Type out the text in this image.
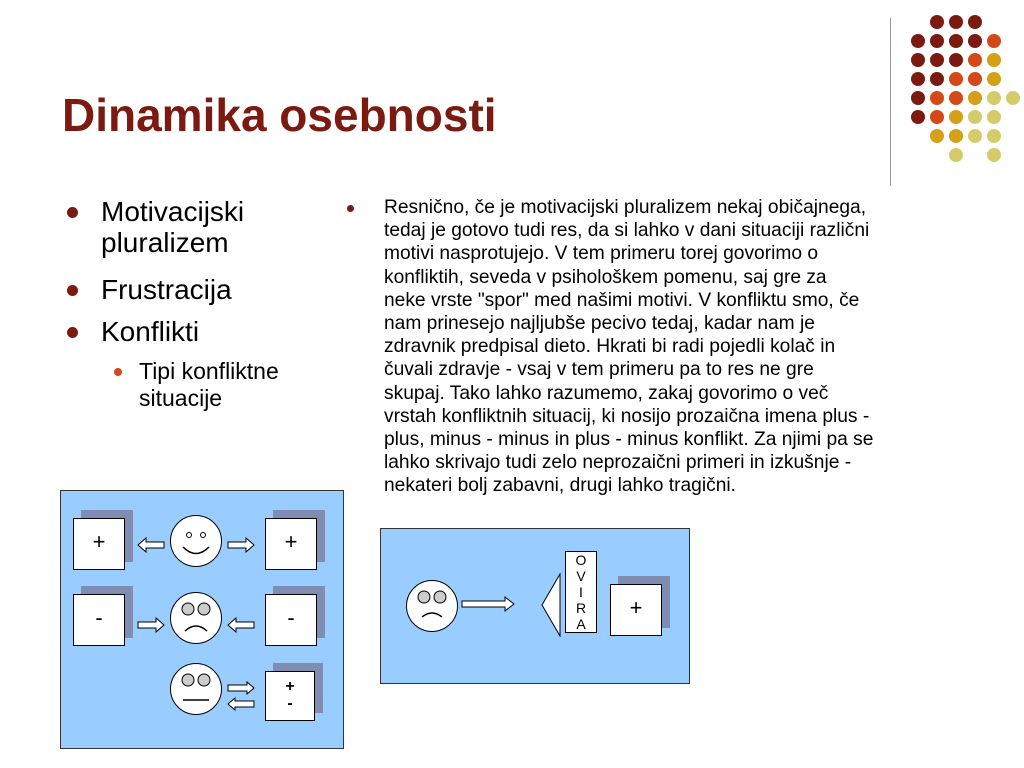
Dinamika osebnosti
Motivacijski pluralizem
Frustracija
Konflikti
Tipi konfliktne situacije
Resnično, če je motivacijski pluralizem nekaj običajnega,
tedaj je gotovo tudi res, da si lahko v dani situaciji različni
motivi nasprotujejo. V tem primeru torej govorimo o
konfliktih, seveda v psihološkem pomenu, saj gre za
neke vrste "spor" med našimi motivi. V konfliktu smo, če
nam prinesejo najljubše pecivo tedaj, kadar nam je
zdravnik predpisal dieto. Hkrati bi radi pojedli kolač in
čuvali zdravje - vsaj v tem primeru pa to res ne gre
skupaj. Tako lahko razumemo, zakaj govorimo o več
vrstah konfliktnih situacij, ki nosijo prozaična imena plus -
plus, minus - minus in plus - minus konflikt. Za njimi pa se
lahko skrivajo tudi zelo neprozaični primeri in izkušnje -
nekateri bolj zabavni, drugi lahko tragični.
+	+
-	-
+
-
O
V
I
R
A
+
